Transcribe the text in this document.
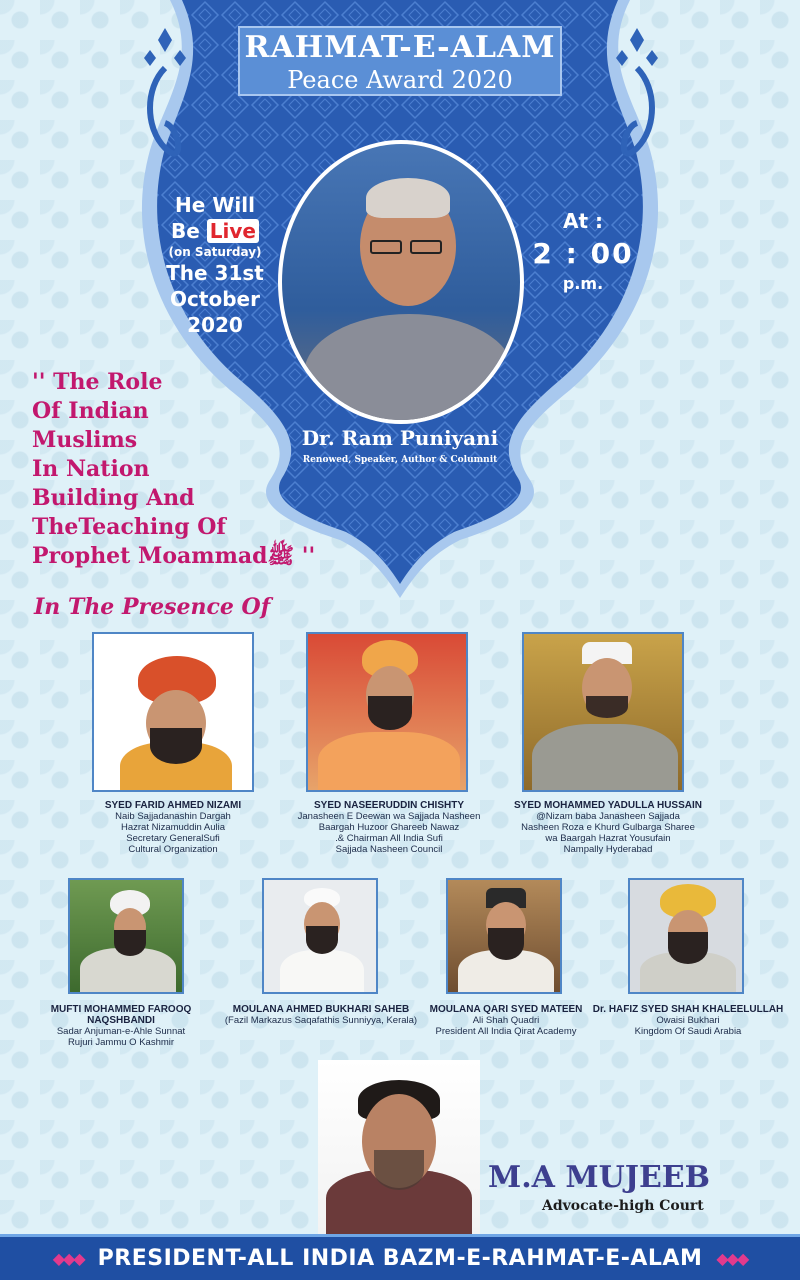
RAHMAT-E-ALAM
Peace Award 2020
He Will
Be Live
(on Saturday)
The 31st
October
2020
At :
2 : 00
p.m.
Dr. Ram Puniyani
Renowed, Speaker, Author & Columnit
'' The Role
Of Indian
Muslims
In Nation
Building And
TheTeaching Of
Prophet Moammadﷺ ''
In The Presence Of
SYED FARID AHMED NIZAMI
Naib Sajjadanashin Dargah
Hazrat Nizamuddin Aulia
Secretary GeneralSufi
Cultural Organization
SYED NASEERUDDIN CHISHTY
Janasheen E Deewan wa Sajjada Nasheen
Baargah Huzoor Ghareeb Nawaz
.& Chairman All India Sufi
Sajjada Nasheen Council
SYED MOHAMMED YADULLA HUSSAIN
@Nizam baba Janasheen Sajjada
Nasheen Roza e Khurd Gulbarga Sharee
wa Baargah Hazrat Yousufain
Nampally Hyderabad
MUFTI MOHAMMED FAROOQ NAQSHBANDI
Sadar Anjuman-e-Ahle Sunnat
Rujuri Jammu O Kashmir
MOULANA AHMED BUKHARI SAHEB
(Fazil Markazus Saqafathis Sunniyya, Kerala)
MOULANA QARI SYED MATEEN
Ali Shah Quadri
President All India Qirat Academy
Dr. HAFIZ SYED SHAH KHALEELULLAH
Owaisi Bukhari
Kingdom Of Saudi Arabia
M.A MUJEEB
Advocate-high Court
◆◆◆ PRESIDENT-ALL INDIA BAZM-E-RAHMAT-E-ALAM ◆◆◆
